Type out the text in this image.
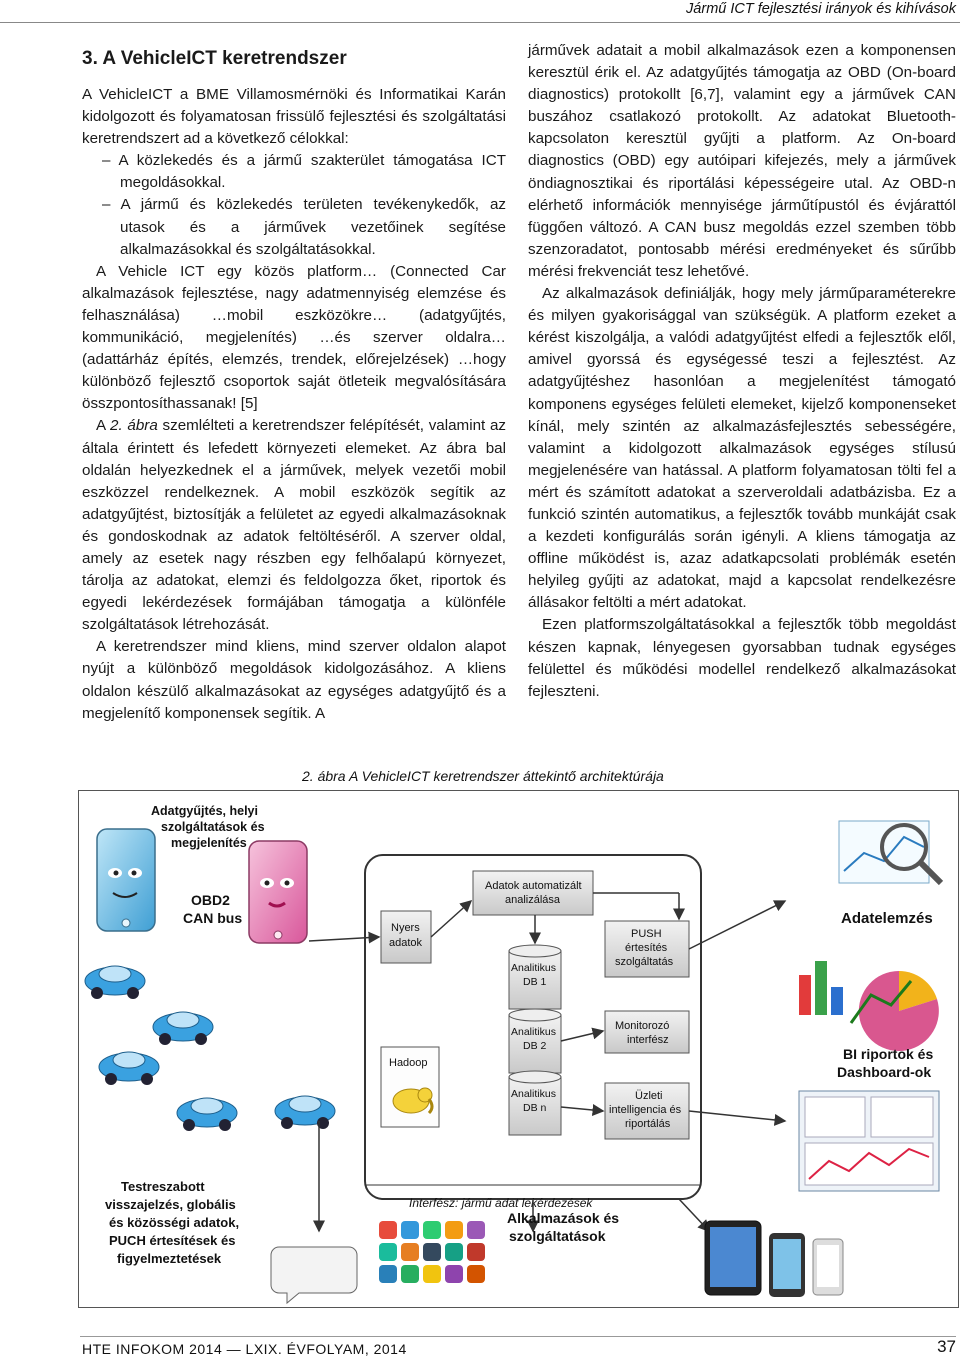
Jármű ICT fejlesztési irányok és kihívások
3. A VehicleICT keretrendszer

A VehicleICT a BME Villamosmérnöki és Informatikai Karán kidolgozott és folyamatosan frissülő fejlesztési és szolgáltatási keretrendszert ad a következő célokkal:

– A közlekedés és a jármű szakterület támogatása ICT megoldásokkal.

– A jármű és közlekedés területen tevékenykedők, az utasok és a járművek vezetőinek segítése alkalmazásokkal és szolgáltatásokkal.

A Vehicle ICT egy közös platform… (Connected Car alkalmazások fejlesztése, nagy adatmennyiség elemzése és felhasználása) …mobil eszközökre… (adatgyűjtés, kommunikáció, megjelenítés) …és szerver oldalra… (adattárház építés, elemzés, trendek, előrejelzések) …hogy különböző fejlesztő csoportok saját ötleteik megvalósítására összpontosíthassanak! [5]

A 2. ábra szemlélteti a keretrendszer felépítését, valamint az általa érintett és lefedett környezeti elemeket. Az ábra bal oldalán helyezkednek el a járművek, melyek vezetői mobil eszközzel rendelkeznek. A mobil eszközök segítik az adatgyűjtést, biztosítják a felületet az egyedi alkalmazásoknak és gondoskodnak az adatok feltöltéséről. A szerver oldal, amely az esetek nagy részben egy felhőalapú környezet, tárolja az adatokat, elemzi és feldolgozza őket, riportok és egyedi lekérdezések formájában támogatja a különféle szolgáltatások létrehozását.

A keretrendszer mind kliens, mind szerver oldalon alapot nyújt a különböző megoldások kidolgozásához. A kliens oldalon készülő alkalmazásokat az egységes adatgyűjtő és a megjelenítő komponensek segítik. A

járművek adatait a mobil alkalmazások ezen a komponensen keresztül érik el. Az adatgyűjtés támogatja az OBD (On-board diagnostics) protokollt [6,7], valamint egy a járművek CAN buszához csatlakozó protokollt. Az adatokat Bluetooth-kapcsolaton keresztül gyűjti a platform. Az On-board diagnostics (OBD) egy autóipari kifejezés, mely a járművek öndiagnosztikai és riportálási képességeire utal. Az OBD-n elérhető információk mennyisége járműtípustól és évjárattól függően változó. A CAN busz megoldás ezzel szemben több szenzoradatot, pontosabb mérési eredményeket és sűrűbb mérési frekvenciát tesz lehetővé.

Az alkalmazások definiálják, hogy mely járműparaméterekre és milyen gyakorisággal van szükségük. A platform ezeket a kérést kiszolgálja, a valódi adatgyűjtést elfedi a fejlesztők elől, amivel gyorssá és egységessé teszi a fejlesztést. Az adatgyűjtéshez hasonlóan a megjelenítést támogató komponens egységes felületi elemeket, kijelző komponenseket kínál, mely szintén az alkalmazásfejlesztés sebességére, valamint a kidolgozott alkalmazások egységes stílusú megjelenésére van hatással. A platform folyamatosan tölti fel a mért és számított adatokat a szerveroldali adatbázisba. Ez a funkció szintén automatikus, a fejlesztők tovább munkáját csak a kezdeti konfigurálás során igényli. A kliens támogatja az offline működést is, azaz adatkapcsolati problémák esetén helyileg gyűjti az adatokat, majd a kapcsolat rendelkezésre állásakor feltölti a mért adatokat.

Ezen platformszolgáltatásokkal a fejlesztők több megoldást készen kapnak, lényegesen gyorsabban tudnak egységes felülettel és működési modellel rendelkező alkalmazásokat fejleszteni.

2. ábra A VehicleICT keretrendszer áttekintő architektúrája
Adatgyűjtés, helyi
szolgáltatások és
megjelenítés
OBD2
CAN bus
Nyers
adatok
Adatok automatizált
analizálása
Analitikus
DB 1
Analitikus
DB 2
Analitikus
DB n
Hadoop
PUSH
értesítés
szolgáltatás
Monitorozó
interfész
Üzleti
intelligencia és
riportálás
Interfész: jármű adat lekérdezések
Adatelemzés
BI riportok és
Dashboard-ok
Testreszabott
visszajelzés, globális
és közösségi adatok,
PUCH értesítések és
figyelmeztetések
Alkalmazások és
szolgáltatások
HTE INFOKOM 2014 — LXIX. ÉVFOLYAM, 2014	37
